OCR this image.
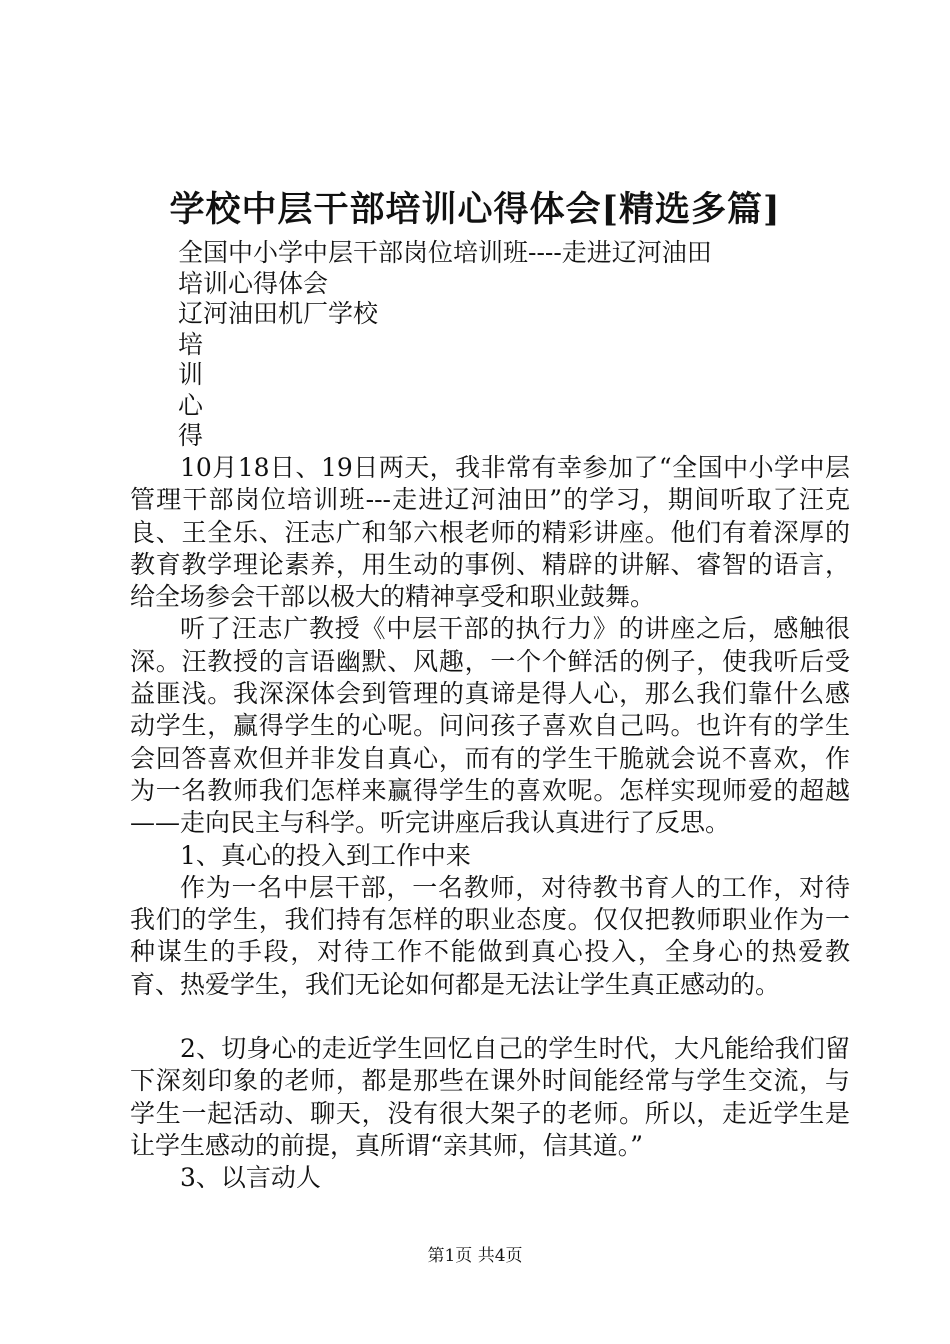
学校中层干部培训心得体会[精选多篇]
全国中小学中层干部岗位培训班----走进辽河油田
培训心得体会
辽河油田机厂学校
培
训
心
得

10月18日、19日两天，我非常有幸参加了“全国中小学中层管理干部岗位培训班---走进辽河油田”的学习，期间听取了汪克良、王全乐、汪志广和邹六根老师的精彩讲座。他们有着深厚的教育教学理论素养，用生动的事例、精辟的讲解、睿智的语言，给全场参会干部以极大的精神享受和职业鼓舞。

听了汪志广教授《中层干部的执行力》的讲座之后，感触很深。汪教授的言语幽默、风趣，一个个鲜活的例子，使我听后受益匪浅。我深深体会到管理的真谛是得人心，那么我们靠什么感动学生，赢得学生的心呢。问问孩子喜欢自己吗。也许有的学生会回答喜欢但并非发自真心，而有的学生干脆就会说不喜欢，作为一名教师我们怎样来赢得学生的喜欢呢。怎样实现师爱的超越——走向民主与科学。听完讲座后我认真进行了反思。

1、真心的投入到工作中来

作为一名中层干部，一名教师，对待教书育人的工作，对待我们的学生，我们持有怎样的职业态度。仅仅把教师职业作为一种谋生的手段，对待工作不能做到真心投入，全身心的热爱教育、热爱学生，我们无论如何都是无法让学生真正感动的。

2、切身心的走近学生回忆自己的学生时代，大凡能给我们留下深刻印象的老师，都是那些在课外时间能经常与学生交流，与学生一起活动、聊天，没有很大架子的老师。所以，走近学生是让学生感动的前提，真所谓“亲其师，信其道。”

3、以言动人

第1页 共4页
